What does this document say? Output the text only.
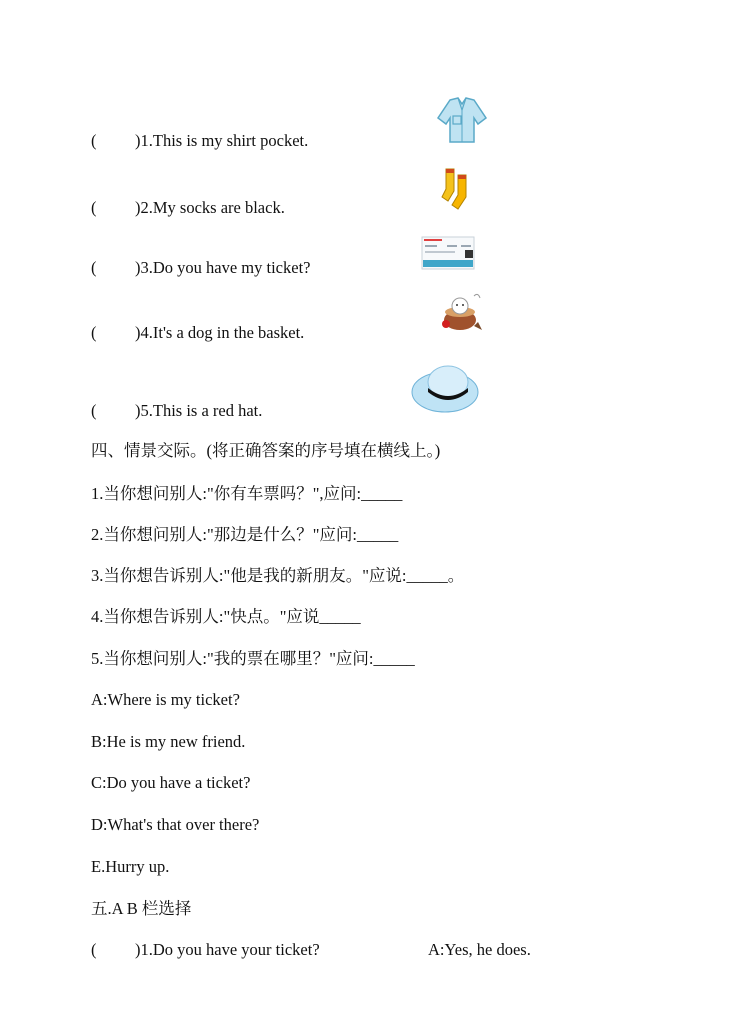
( )1.This is my shirt pocket.
( )2.My socks are black.
( )3.Do you have my ticket?
( )4.It's a dog in the basket.
( )5.This is a red hat.
四、情景交际。(将正确答案的序号填在横线上。)
1.当你想问别人:"你有车票吗？",应问:_____
2.当你想问别人:"那边是什么？"应问:_____
3.当你想告诉别人:"他是我的新朋友。"应说:_____。
4.当你想告诉别人:"快点。"应说_____
5.当你想问别人:"我的票在哪里？"应问:_____
A:Where is my ticket?
B:He is my new friend.
C:Do you have a ticket?
D:What's that over there?
E.Hurry up.
五.A B 栏选择
( )1.Do you have your ticket?	A:Yes, he does.
